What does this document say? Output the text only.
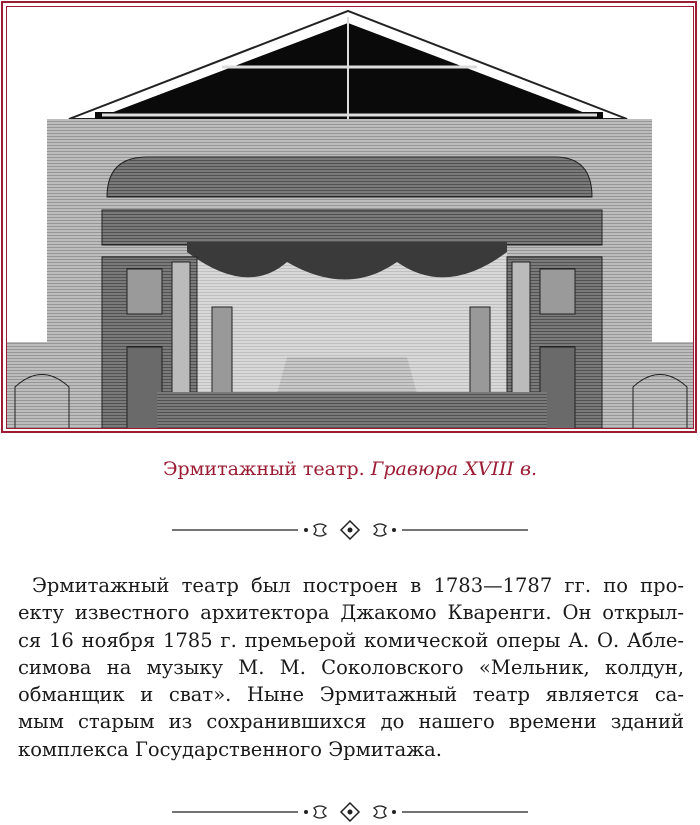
Эрмитажный театр. Гравюра XVIII в.
Эрмитажный театр был построен в 1783—1787 гг. по про-
екту известного архитектора Джакомо Кваренги. Он открыл-
ся 16 ноября 1785 г. премьерой комической оперы А. О. Абле-
симова на музыку М. М. Соколовского «Мельник, колдун,
обманщик и сват». Ныне Эрмитажный театр является са-
мым старым из сохранившихся до нашего времени зданий
комплекса Государственного Эрмитажа.
